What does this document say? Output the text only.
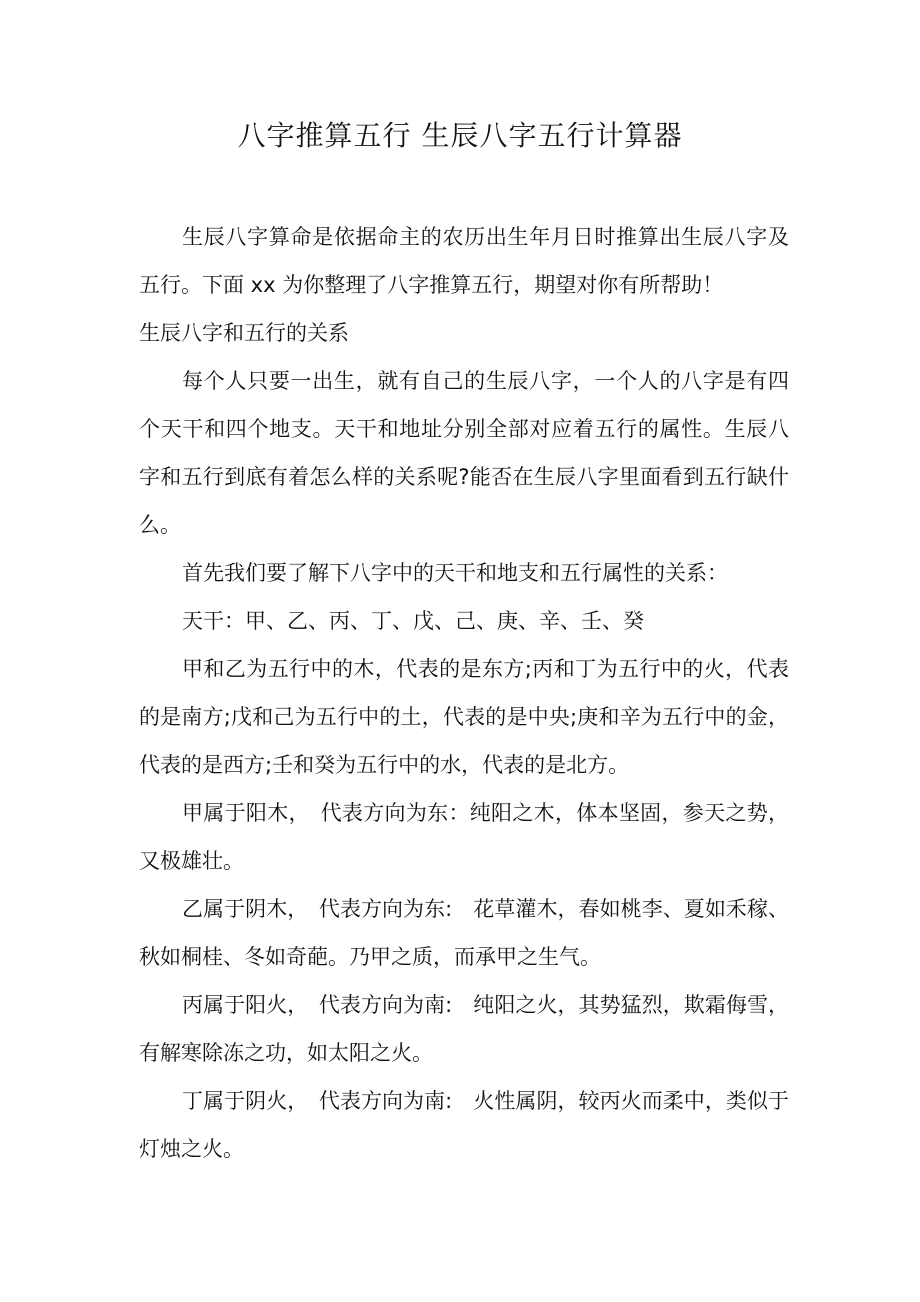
八字推算五行 生辰八字五行计算器

生辰八字算命是依据命主的农历出生年月日时推算出生辰八字及五行。下面 xx 为你整理了八字推算五行，期望对你有所帮助！

生辰八字和五行的关系

每个人只要一出生，就有自己的生辰八字，一个人的八字是有四个天干和四个地支。天干和地址分别全部对应着五行的属性。生辰八字和五行到底有着怎么样的关系呢?能否在生辰八字里面看到五行缺什么。

首先我们要了解下八字中的天干和地支和五行属性的关系：

天干：甲、乙、丙、丁、戊、己、庚、辛、壬、癸

甲和乙为五行中的木，代表的是东方;丙和丁为五行中的火，代表的是南方;戊和己为五行中的土，代表的是中央;庚和辛为五行中的金，代表的是西方;壬和癸为五行中的水，代表的是北方。

甲属于阳木，　代表方向为东：纯阳之木，体本坚固，参天之势，又极雄壮。

乙属于阴木，　代表方向为东:　花草灌木，春如桃李、夏如禾稼、秋如桐桂、冬如奇葩。乃甲之质，而承甲之生气。

丙属于阳火，　代表方向为南:　纯阳之火，其势猛烈，欺霜侮雪，有解寒除冻之功，如太阳之火。

丁属于阴火，　代表方向为南:　火性属阴，较丙火而柔中，类似于灯烛之火。
